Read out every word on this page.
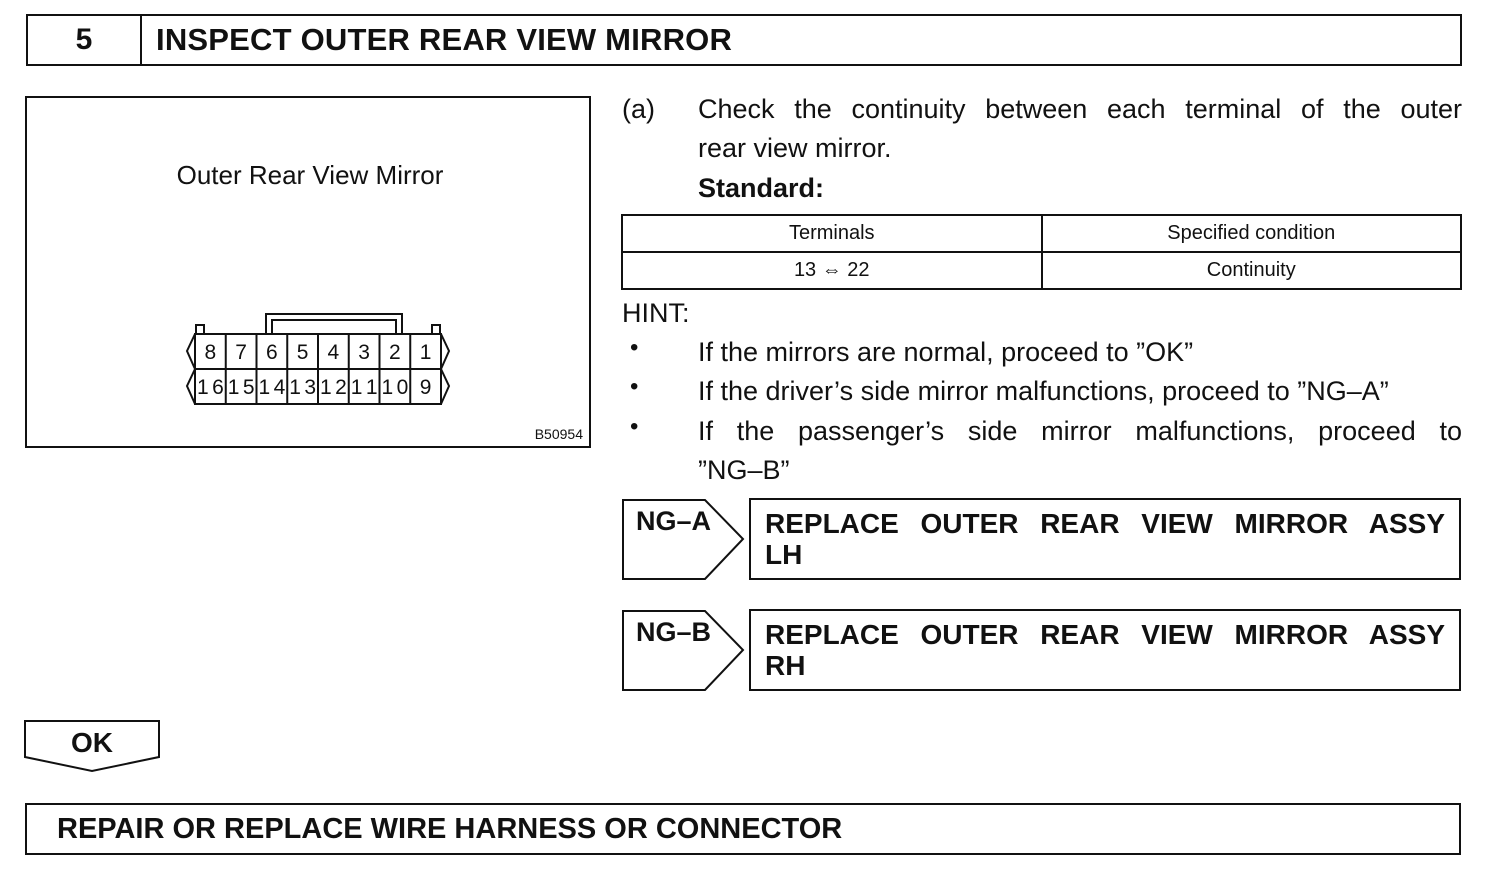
5	INSPECT OUTER REAR VIEW MIRROR
Outer Rear View Mirror
8 7 6 5 4 3 2 1
16 15 14 13 12 11 10 9
B50954
(a) Check the continuity between each terminal of the outer
rear view mirror.
Standard:
Terminals	Specified condition
13 ⇔ 22	Continuity
HINT:
• If the mirrors are normal, proceed to ”OK”
• If the driver’s side mirror malfunctions, proceed to ”NG–A”
• If the passenger’s side mirror malfunctions, proceed to
”NG–B”
NG–A REPLACE OUTER REAR VIEW MIRROR ASSY
LH
NG–B REPLACE OUTER REAR VIEW MIRROR ASSY
RH
OK
REPAIR OR REPLACE WIRE HARNESS OR CONNECTOR
